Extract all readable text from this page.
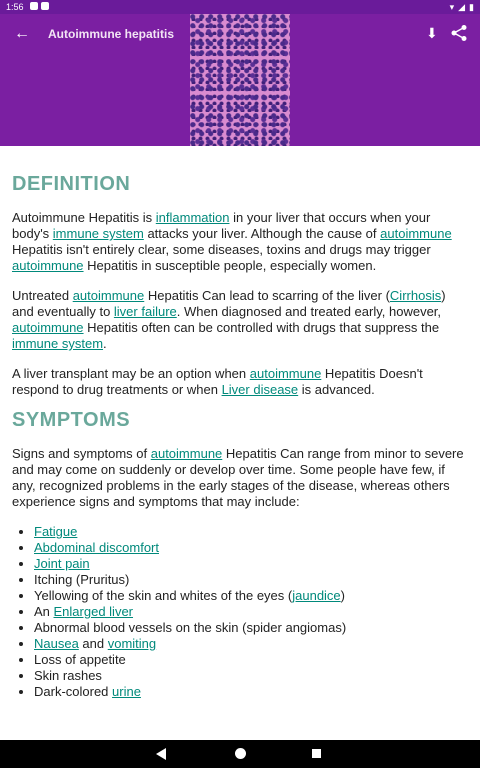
1:56	▾ ◢ ▮
← Autoimmune hepatitis	⬇
DEFINITION

Autoimmune Hepatitis is inflammation in your liver that occurs when your body's immune system attacks your liver. Although the cause of autoimmune Hepatitis isn't entirely clear, some diseases, toxins and drugs may trigger autoimmune Hepatitis in susceptible people, especially women.

Untreated autoimmune Hepatitis Can lead to scarring of the liver (Cirrhosis) and eventually to liver failure. When diagnosed and treated early, however, autoimmune Hepatitis often can be controlled with drugs that suppress the immune system.

A liver transplant may be an option when autoimmune Hepatitis Doesn't respond to drug treatments or when Liver disease is advanced.

SYMPTOMS

Signs and symptoms of autoimmune Hepatitis Can range from minor to severe and may come on suddenly or develop over time. Some people have few, if any, recognized problems in the early stages of the disease, whereas others experience signs and symptoms that may include:

• Fatigue
• Abdominal discomfort
• Joint pain
• Itching (Pruritus)
• Yellowing of the skin and whites of the eyes (jaundice)
• An Enlarged liver
• Abnormal blood vessels on the skin (spider angiomas)
• Nausea and vomiting
• Loss of appetite
• Skin rashes
• Dark-colored urine
